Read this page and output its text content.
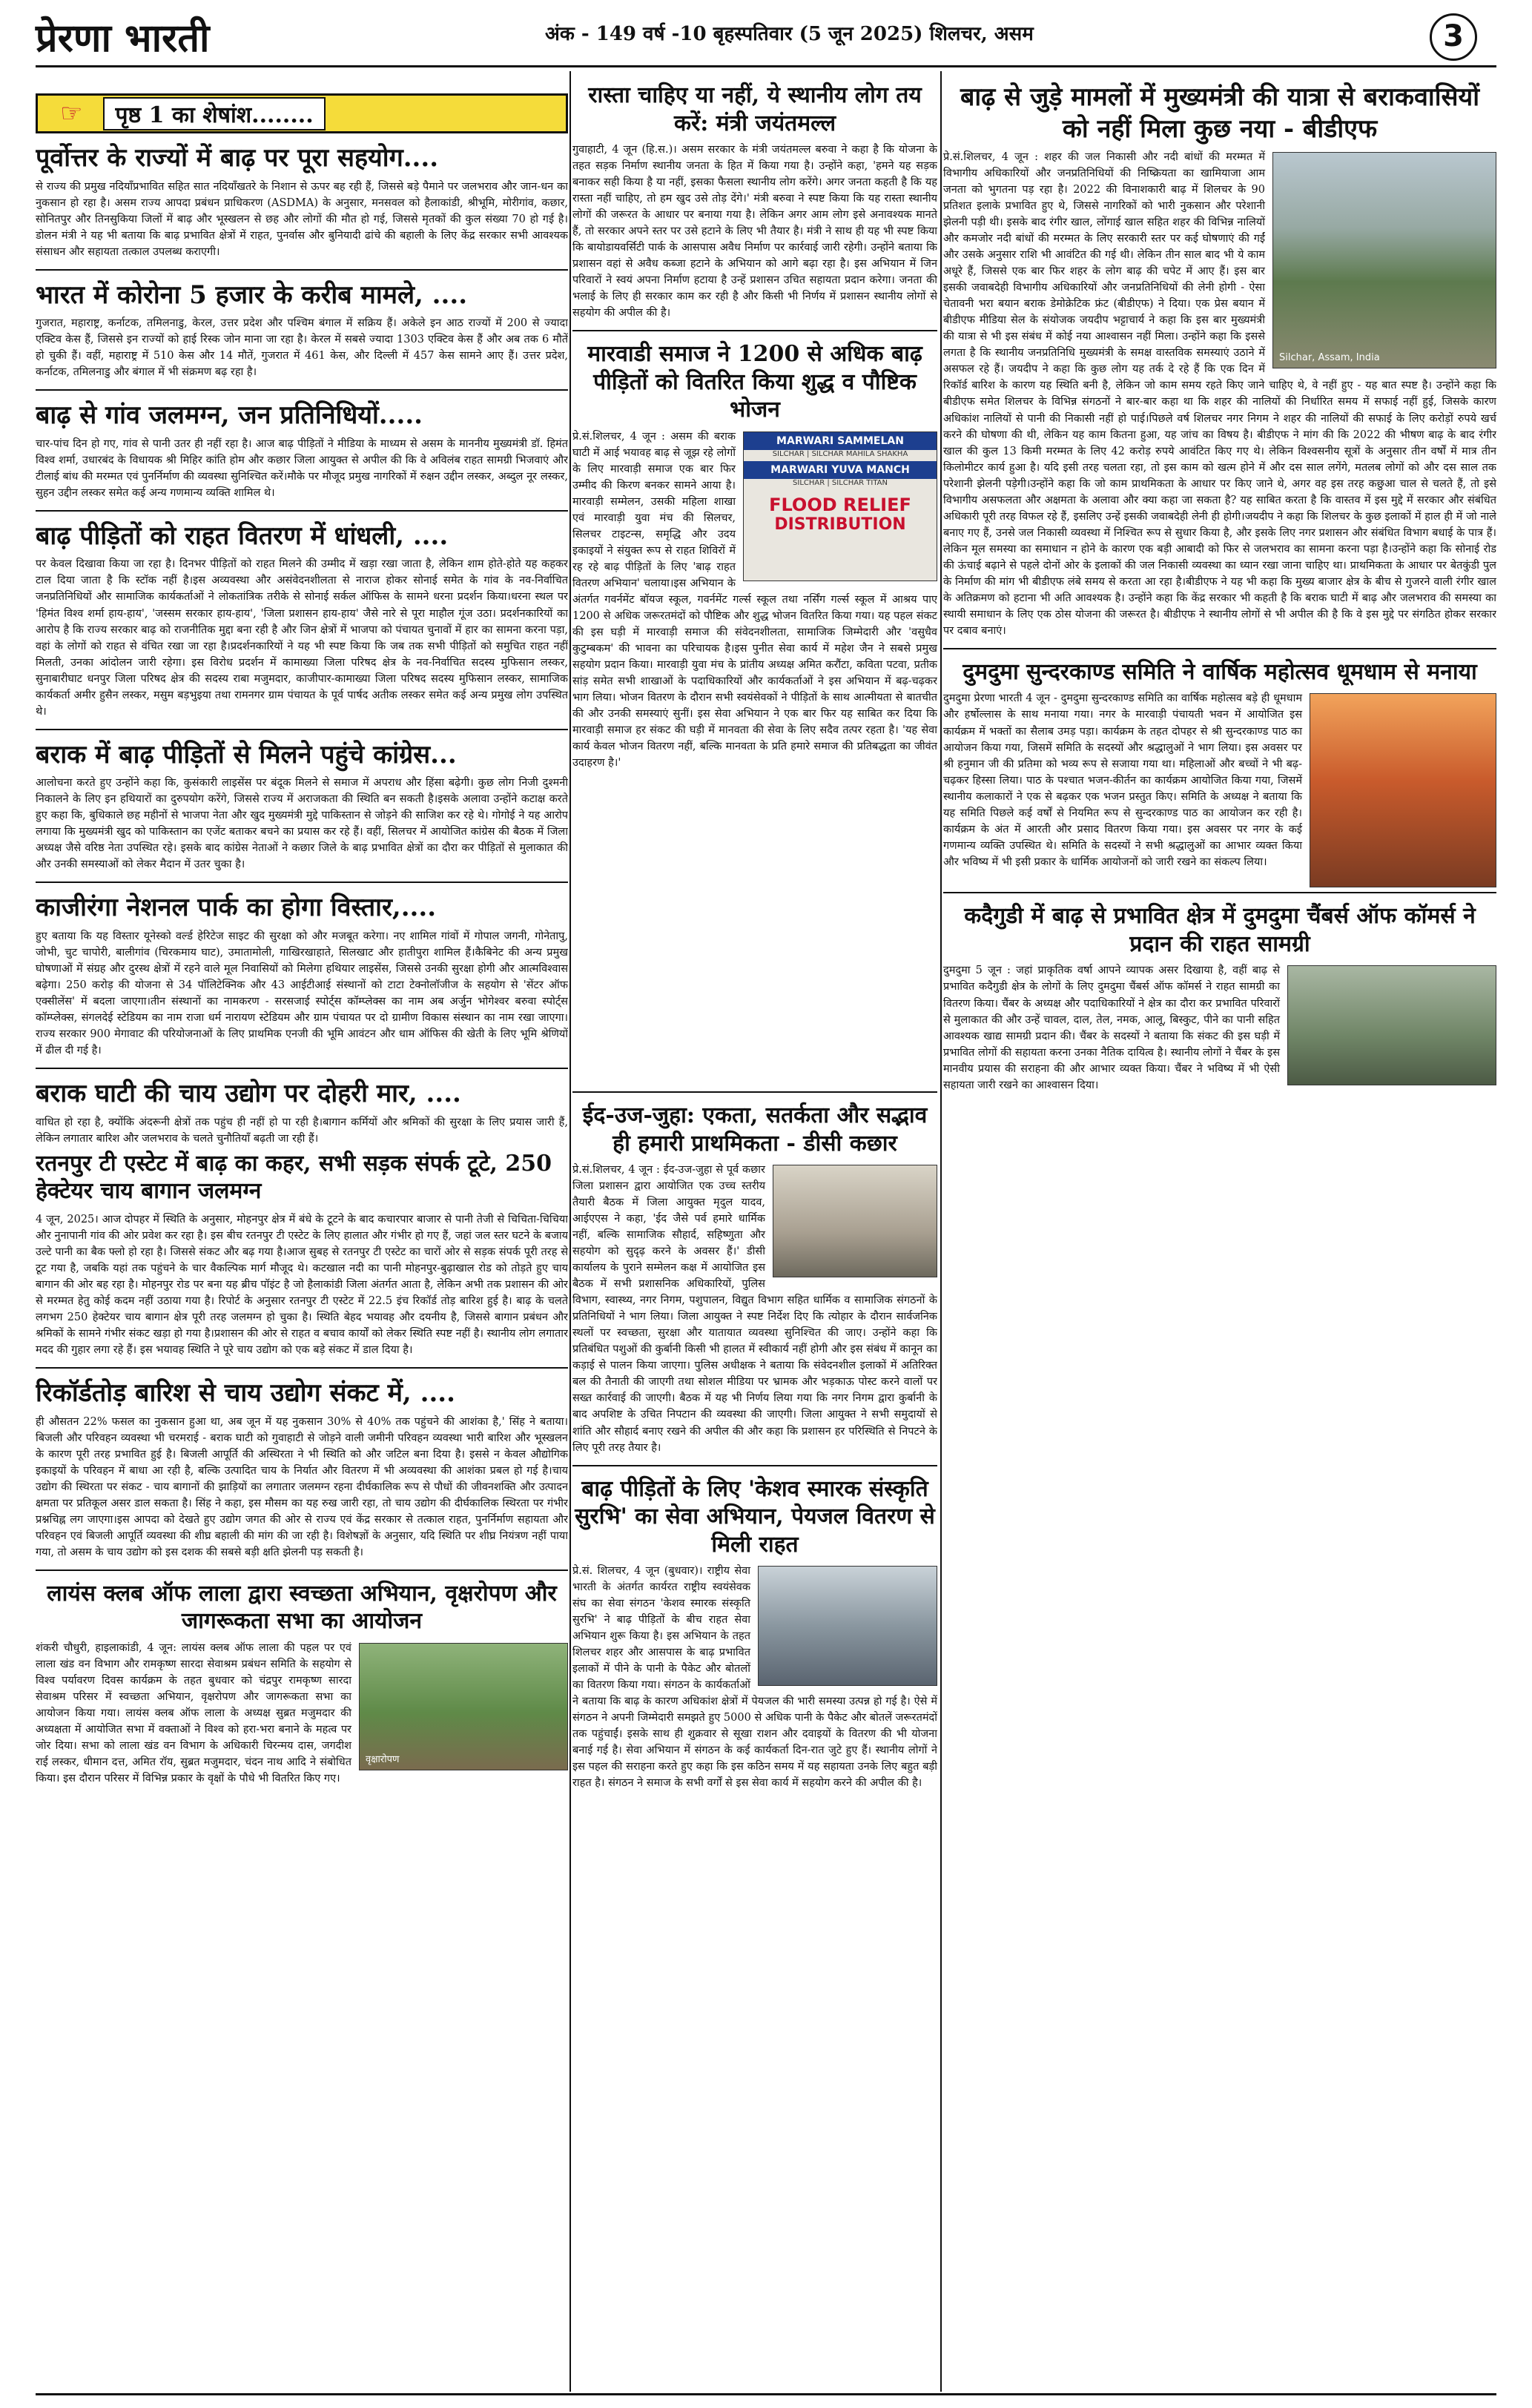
प्रेरणा भारती	अंक - 149 वर्ष -10 बृहस्पतिवार (5 जून 2025) शिलचर, असम	3
☞	पृष्ठ 1 का शेषांश........
पूर्वोत्तर के राज्यों में बाढ़ पर पूरा सहयोग....

से राज्य की प्रमुख नदियाँप्रभावित सहित सात नदियाँखतरे के निशान से ऊपर बह रही हैं, जिससे बड़े पैमाने पर जलभराव और जान-धन का नुकसान हो रहा है। असम राज्य आपदा प्रबंधन प्राधिकरण (ASDMA) के अनुसार, मनसवल को हैलाकांडी, श्रीभूमि, मोरीगांव, कछार, सोनितपुर और तिनसुकिया जिलों में बाढ़ और भूस्खलन से छह और लोगों की मौत हो गई, जिससे मृतकों की कुल संख्या 70 हो गई है। डोलन मंत्री ने यह भी बताया कि बाढ़ प्रभावित क्षेत्रों में राहत, पुनर्वास और बुनियादी ढांचे की बहाली के लिए केंद्र सरकार सभी आवश्यक संसाधन और सहायता तत्काल उपलब्ध कराएगी।

भारत में कोरोना 5 हजार के करीब मामले, ....

गुजरात, महाराष्ट्र, कर्नाटक, तमिलनाडु, केरल, उत्तर प्रदेश और पश्चिम बंगाल में सक्रिय हैं। अकेले इन आठ राज्यों में 200 से ज्यादा एक्टिव केस हैं, जिससे इन राज्यों को हाई रिस्क जोन माना जा रहा है। केरल में सबसे ज्यादा 1303 एक्टिव केस हैं और अब तक 6 मौतें हो चुकी हैं। वहीं, महाराष्ट्र में 510 केस और 14 मौतें, गुजरात में 461 केस, और दिल्ली में 457 केस सामने आए हैं। उत्तर प्रदेश, कर्नाटक, तमिलनाडु और बंगाल में भी संक्रमण बढ़ रहा है।

बाढ़ से गांव जलमग्न, जन प्रतिनिधियों.....

चार-पांच दिन हो गए, गांव से पानी उतर ही नहीं रहा है। आज बाढ़ पीड़ितों ने मीडिया के माध्यम से असम के माननीय मुख्यमंत्री डॉ. हिमंत विश्व शर्मा, उधारबंद के विधायक श्री मिहिर कांति होम और कछार जिला आयुक्त से अपील की कि वे अविलंब राहत सामग्री भिजवाएं और टीलाई बांध की मरम्मत एवं पुनर्निर्माण की व्यवस्था सुनिश्चित करें।मौके पर मौजूद प्रमुख नागरिकों में रुक्षन उद्दीन लस्कर, अब्दुल नूर लस्कर, सुहन उद्दीन लस्कर समेत कई अन्य गणमान्य व्यक्ति शामिल थे।

बाढ़ पीड़ितों को राहत वितरण में धांधली, ....

पर केवल दिखावा किया जा रहा है। दिनभर पीड़ितों को राहत मिलने की उम्मीद में खड़ा रखा जाता है, लेकिन शाम होते-होते यह कहकर टाल दिया जाता है कि स्टॉक नहीं है।इस अव्यवस्था और असंवेदनशीलता से नाराज होकर सोनाई समेत के गांव के नव-निर्वाचित जनप्रतिनिधियों और सामाजिक कार्यकर्ताओं ने लोकतांत्रिक तरीके से सोनाई सर्कल ऑफिस के सामने धरना प्रदर्शन किया।धरना स्थल पर 'हिमंत विश्व शर्मा हाय-हाय', 'जस्सम सरकार हाय-हाय', 'जिला प्रशासन हाय-हाय' जैसे नारे से पूरा माहौल गूंज उठा। प्रदर्शनकारियों का आरोप है कि राज्य सरकार बाढ़ को राजनीतिक मुद्दा बना रही है और जिन क्षेत्रों में भाजपा को पंचायत चुनावों में हार का सामना करना पड़ा, वहां के लोगों को राहत से वंचित रखा जा रहा है।प्रदर्शनकारियों ने यह भी स्पष्ट किया कि जब तक सभी पीड़ितों को समुचित राहत नहीं मिलती, उनका आंदोलन जारी रहेगा। इस विरोध प्रदर्शन में कामाख्या जिला परिषद क्षेत्र के नव-निर्वाचित सदस्य मुफिसान लस्कर, सुनाबारीघाट धनपुर जिला परिषद क्षेत्र की सदस्य राबा मजुमदार, काजीपार-कामाख्या जिला परिषद सदस्य मुफिसान लस्कर, सामाजिक कार्यकर्ता अमीर हुसैन लस्कर, मसुम बड़भुइया तथा रामनगर ग्राम पंचायत के पूर्व पार्षद अतीक लस्कर समेत कई अन्य प्रमुख लोग उपस्थित थे।

बराक में बाढ़ पीड़ितों से मिलने पहुंचे कांग्रेस...

आलोचना करते हुए उन्होंने कहा कि, कुसंकारी लाइसेंस पर बंदूक मिलने से समाज में अपराध और हिंसा बढ़ेगी। कुछ लोग निजी दुश्मनी निकालने के लिए इन हथियारों का दुरुपयोग करेंगे, जिससे राज्य में अराजकता की स्थिति बन सकती है।इसके अलावा उन्होंने कटाक्ष करते हुए कहा कि, बुधिकाले छह महीनों से भाजपा नेता और खुद मुख्यमंत्री मुद्दे पाकिस्तान से जोड़ने की साजिश कर रहे थे। गोगोई ने यह आरोप लगाया कि मुख्यमंत्री खुद को पाकिस्तान का एजेंट बताकर बचने का प्रयास कर रहे हैं। वहीं, सिलचर में आयोजित कांग्रेस की बैठक में जिला अध्यक्ष जैसे वरिष्ठ नेता उपस्थित रहे। इसके बाद कांग्रेस नेताओं ने कछार जिले के बाढ़ प्रभावित क्षेत्रों का दौरा कर पीड़ितों से मुलाकात की और उनकी समस्याओं को लेकर मैदान में उतर चुका है।

काजीरंगा नेशनल पार्क का होगा विस्तार,....

हुए बताया कि यह विस्तार यूनेस्को वर्ल्ड हेरिटेज साइट की सुरक्षा को और मजबूत करेगा। नए शामिल गांवों में गोपाल जगनी, गोनेतापु, जोभी, चुट चापोरी, बालीगांव (चिरकमाय घाट), उमातामोली, गाखिरखाहाते, सिलखाट और हातीपुरा शामिल हैं।कैबिनेट की अन्य प्रमुख घोषणाओं में संग्रह और दुरस्थ क्षेत्रों में रहने वाले मूल निवासियों को मिलेगा हथियार लाइसेंस, जिससे उनकी सुरक्षा होगी और आत्मविश्वास बढ़ेगा। 250 करोड़ की योजना से 34 पॉलिटेक्निक और 43 आईटीआई संस्थानों को टाटा टेक्नोलॉजीज के सहयोग से 'सेंटर ऑफ एक्सीलेंस' में बदला जाएगा।तीन संस्थानों का नामकरण - सरसजाई स्पोर्ट्स कॉम्प्लेक्स का नाम अब अर्जुन भोगेश्वर बरुवा स्पोर्ट्स कॉम्प्लेक्स, संगलदेई स्टेडियम का नाम राजा धर्म नारायण स्टेडियम और ग्राम पंचायत पर दो ग्रामीण विकास संस्थान का नाम रखा जाएगा। राज्य सरकार 900 मेगावाट की परियोजनाओं के लिए प्राथमिक एनजी की भूमि आवंटन और धाम ऑफिस की खेती के लिए भूमि श्रेणियों में ढील दी गई है।

बराक घाटी की चाय उद्योग पर दोहरी मार, ....

वाधित हो रहा है, क्योंकि अंदरूनी क्षेत्रों तक पहुंच ही नहीं हो पा रही है।बागान कर्मियों और श्रमिकों की सुरक्षा के लिए प्रयास जारी हैं, लेकिन लगातार बारिश और जलभराव के चलते चुनौतियाँ बढ़ती जा रही हैं।

रतनपुर टी एस्टेट में बाढ़ का कहर, सभी सड़क संपर्क टूटे, 250 हेक्टेयर चाय बागान जलमग्न

4 जून, 2025। आज दोपहर में स्थिति के अनुसार, मोहनपुर क्षेत्र में बंधे के टूटने के बाद कचारपार बाजार से पानी तेजी से चिचिता-चिचिया और नुनापानी गांव की ओर प्रवेश कर रहा है। इस बीच रतनपुर टी एस्टेट के लिए हालात और गंभीर हो गए हैं, जहां जल स्तर घटने के बजाय उल्टे पानी का बैक फ्लो हो रहा है। जिससे संकट और बढ़ गया है।आज सुबह से रतनपुर टी एस्टेट का चारों ओर से सड़क संपर्क पूरी तरह से टूट गया है, जबकि यहां तक पहुंचने के चार वैकल्पिक मार्ग मौजूद थे। कटखाल नदी का पानी मोहनपुर-बुढ़ाखाल रोड को तोड़ते हुए चाय बागान की ओर बह रहा है। मोहनपुर रोड पर बना यह ब्रीच पॉइंट है जो हैलाकांडी जिला अंतर्गत आता है, लेकिन अभी तक प्रशासन की ओर से मरम्मत हेतु कोई कदम नहीं उठाया गया है। रिपोर्ट के अनुसार रतनपुर टी एस्टेट में 22.5 इंच रिकॉर्ड तोड़ बारिश हुई है। बाढ़ के चलते लगभग 250 हेक्टेयर चाय बागान क्षेत्र पूरी तरह जलमग्न हो चुका है। स्थिति बेहद भयावह और दयनीय है, जिससे बागान प्रबंधन और श्रमिकों के सामने गंभीर संकट खड़ा हो गया है।प्रशासन की ओर से राहत व बचाव कार्यों को लेकर स्थिति स्पष्ट नहीं है। स्थानीय लोग लगातार मदद की गुहार लगा रहे हैं। इस भयावह स्थिति ने पूरे चाय उद्योग को एक बड़े संकट में डाल दिया है।

रिकॉर्डतोड़ बारिश से चाय उद्योग संकट में, ....

ही औसतन 22% फसल का नुकसान हुआ था, अब जून में यह नुकसान 30% से 40% तक पहुंचने की आशंका है,' सिंह ने बताया।बिजली और परिवहन व्यवस्था भी चरमराई - बराक घाटी को गुवाहाटी से जोड़ने वाली जमीनी परिवहन व्यवस्था भारी बारिश और भूस्खलन के कारण पूरी तरह प्रभावित हुई है। बिजली आपूर्ति की अस्थिरता ने भी स्थिति को और जटिल बना दिया है। इससे न केवल औद्योगिक इकाइयों के परिवहन में बाधा आ रही है, बल्कि उत्पादित चाय के निर्यात और वितरण में भी अव्यवस्था की आशंका प्रबल हो गई है।चाय उद्योग की स्थिरता पर संकट - चाय बागानों की झाड़ियों का लगातार जलमग्न रहना दीर्घकालिक रूप से पौधों की जीवनशक्ति और उत्पादन क्षमता पर प्रतिकूल असर डाल सकता है। सिंह ने कहा, इस मौसम का यह रुख जारी रहा, तो चाय उद्योग की दीर्घकालिक स्थिरता पर गंभीर प्रश्नचिह्न लग जाएगा।इस आपदा को देखते हुए उद्योग जगत की ओर से राज्य एवं केंद्र सरकार से तत्काल राहत, पुनर्निर्माण सहायता और परिवहन एवं बिजली आपूर्ति व्यवस्था की शीघ्र बहाली की मांग की जा रही है। विशेषज्ञों के अनुसार, यदि स्थिति पर शीघ्र नियंत्रण नहीं पाया गया, तो असम के चाय उद्योग को इस दशक की सबसे बड़ी क्षति झेलनी पड़ सकती है।

लायंस क्लब ऑफ लाला द्वारा स्वच्छता अभियान, वृक्षरोपण और जागरूकता सभा का आयोजन
वृक्षारोपण

शंकरी चौधुरी, हाइलाकांडी, 4 जून: लायंस क्लब ऑफ लाला की पहल पर एवं लाला खंड वन विभाग और रामकृष्ण सारदा सेवाश्रम प्रबंधन समिति के सहयोग से विश्व पर्यावरण दिवस कार्यक्रम के तहत बुधवार को चंद्रपुर रामकृष्ण सारदा सेवाश्रम परिसर में स्वच्छता अभियान, वृक्षरोपण और जागरूकता सभा का आयोजन किया गया। लायंस क्लब ऑफ लाला के अध्यक्ष सुब्रत मजुमदार की अध्यक्षता में आयोजित सभा में वक्ताओं ने विश्व को हरा-भरा बनाने के महत्व पर जोर दिया। सभा को लाला खंड वन विभाग के अधिकारी चिरन्मय दास, जगदीश राई लस्कर, धीमान दत्त, अमित रॉय, सुब्रत मजुमदार, चंदन नाथ आदि ने संबोधित किया। इस दौरान परिसर में विभिन्न प्रकार के वृक्षों के पौधे भी वितरित किए गए।

रास्ता चाहिए या नहीं, ये स्थानीय लोग तय करें: मंत्री जयंतमल्ल

गुवाहाटी, 4 जून (हि.स.)। असम सरकार के मंत्री जयंतमल्ल बरुवा ने कहा है कि योजना के तहत सड़क निर्माण स्थानीय जनता के हित में किया गया है। उन्होंने कहा, 'हमने यह सड़क बनाकर सही किया है या नहीं, इसका फैसला स्थानीय लोग करेंगे। अगर जनता कहती है कि यह रास्ता नहीं चाहिए, तो हम खुद उसे तोड़ देंगे।' मंत्री बरुवा ने स्पष्ट किया कि यह रास्ता स्थानीय लोगों की जरूरत के आधार पर बनाया गया है। लेकिन अगर आम लोग इसे अनावश्यक मानते हैं, तो सरकार अपने स्तर पर उसे हटाने के लिए भी तैयार है। मंत्री ने साथ ही यह भी स्पष्ट किया कि बायोडायवर्सिटी पार्क के आसपास अवैध निर्माण पर कार्रवाई जारी रहेगी। उन्होंने बताया कि प्रशासन वहां से अवैध कब्जा हटाने के अभियान को आगे बढ़ा रहा है। इस अभियान में जिन परिवारों ने स्वयं अपना निर्माण हटाया है उन्हें प्रशासन उचित सहायता प्रदान करेगा। जनता की भलाई के लिए ही सरकार काम कर रही है और किसी भी निर्णय में प्रशासन स्थानीय लोगों से सहयोग की अपील की है।

मारवाडी समाज ने 1200 से अधिक बाढ़ पीड़ितों को वितरित किया शुद्ध व पौष्टिक भोजन
MARWARI SAMMELAN
SILCHAR | SILCHAR MAHILA SHAKHA
MARWARI YUVA MANCH
SILCHAR | SILCHAR TITAN
FLOOD RELIEF
DISTRIBUTION

प्रे.सं.शिलचर, 4 जून : असम की बराक घाटी में आई भयावह बाढ़ से जूझ रहे लोगों के लिए मारवाड़ी समाज एक बार फिर उम्मीद की किरण बनकर सामने आया है। मारवाड़ी सम्मेलन, उसकी महिला शाखा एवं मारवाड़ी युवा मंच की सिलचर, सिलचर टाइटन्स, समृद्धि और उदय इकाइयों ने संयुक्त रूप से राहत शिविरों में रह रहे बाढ़ पीड़ितों के लिए 'बाढ़ राहत वितरण अभियान' चलाया।इस अभियान के अंतर्गत गवर्नमेंट बॉयज स्कूल, गवर्नमेंट गर्ल्स स्कूल तथा नर्सिंग गर्ल्स स्कूल में आश्रय पाए 1200 से अधिक जरूरतमंदों को पौष्टिक और शुद्ध भोजन वितरित किया गया। यह पहल संकट की इस घड़ी में मारवाड़ी समाज की संवेदनशीलता, सामाजिक जिम्मेदारी और 'वसुधैव कुटुम्बकम' की भावना का परिचायक है।इस पुनीत सेवा कार्य में महेश जैन ने सबसे प्रमुख सहयोग प्रदान किया। मारवाड़ी युवा मंच के प्रांतीय अध्यक्ष अमित करौंटा, कविता पटवा, प्रतीक सांड़ समेत सभी शाखाओं के पदाधिकारियों और कार्यकर्ताओं ने इस अभियान में बढ़-चढ़कर भाग लिया। भोजन वितरण के दौरान सभी स्वयंसेवकों ने पीड़ितों के साथ आत्मीयता से बातचीत की और उनकी समस्याएं सुनीं। इस सेवा अभियान ने एक बार फिर यह साबित कर दिया कि मारवाड़ी समाज हर संकट की घड़ी में मानवता की सेवा के लिए सदैव तत्पर रहता है। 'यह सेवा कार्य केवल भोजन वितरण नहीं, बल्कि मानवता के प्रति हमारे समाज की प्रतिबद्धता का जीवंत उदाहरण है।'

बाढ़ से जुड़े मामलों में मुख्यमंत्री की यात्रा से बराकवासियों को नहीं मिला कुछ नया - बीडीएफ
Silchar, Assam, India

प्रे.सं.शिलचर, 4 जून : शहर की जल निकासी और नदी बांधों की मरम्मत में विभागीय अधिकारियों और जनप्रतिनिधियों की निष्क्रियता का खामियाजा आम जनता को भुगतना पड़ रहा है। 2022 की विनाशकारी बाढ़ में शिलचर के 90 प्रतिशत इलाके प्रभावित हुए थे, जिससे नागरिकों को भारी नुकसान और परेशानी झेलनी पड़ी थी। इसके बाद रंगीर खाल, लोंगाई खाल सहित शहर की विभिन्न नालियों और कमजोर नदी बांधों की मरम्मत के लिए सरकारी स्तर पर कई घोषणाएं की गईं और उसके अनुसार राशि भी आवंटित की गई थी। लेकिन तीन साल बाद भी ये काम अधूरे हैं, जिससे एक बार फिर शहर के लोग बाढ़ की चपेट में आए हैं। इस बार इसकी जवाबदेही विभागीय अधिकारियों और जनप्रतिनिधियों की लेनी होगी - ऐसा चेतावनी भरा बयान बराक डेमोक्रेटिक फ्रंट (बीडीएफ) ने दिया। एक प्रेस बयान में बीडीएफ मीडिया सेल के संयोजक जयदीप भट्टाचार्य ने कहा कि इस बार मुख्यमंत्री की यात्रा से भी इस संबंध में कोई नया आश्वासन नहीं मिला। उन्होंने कहा कि इससे लगता है कि स्थानीय जनप्रतिनिधि मुख्यमंत्री के समक्ष वास्तविक समस्याएं उठाने में असफल रहे हैं। जयदीप ने कहा कि कुछ लोग यह तर्क दे रहे हैं कि एक दिन में रिकॉर्ड बारिश के कारण यह स्थिति बनी है, लेकिन जो काम समय रहते किए जाने चाहिए थे, वे नहीं हुए - यह बात स्पष्ट है। उन्होंने कहा कि बीडीएफ समेत शिलचर के विभिन्न संगठनों ने बार-बार कहा था कि शहर की नालियों की निर्धारित समय में सफाई नहीं हुई, जिसके कारण अधिकांश नालियों से पानी की निकासी नहीं हो पाई।पिछले वर्ष शिलचर नगर निगम ने शहर की नालियों की सफाई के लिए करोड़ों रुपये खर्च करने की घोषणा की थी, लेकिन यह काम कितना हुआ, यह जांच का विषय है। बीडीएफ ने मांग की कि 2022 की भीषण बाढ़ के बाद रंगीर खाल की कुल 13 किमी मरम्मत के लिए 42 करोड़ रुपये आवंटित किए गए थे। लेकिन विश्वसनीय सूत्रों के अनुसार तीन वर्षों में मात्र तीन किलोमीटर कार्य हुआ है। यदि इसी तरह चलता रहा, तो इस काम को खत्म होने में और दस साल लगेंगे, मतलब लोगों को और दस साल तक परेशानी झेलनी पड़ेगी।उन्होंने कहा कि जो काम प्राथमिकता के आधार पर किए जाने थे, अगर वह इस तरह कछुआ चाल से चलते हैं, तो इसे विभागीय असफलता और अक्षमता के अलावा और क्या कहा जा सकता है? यह साबित करता है कि वास्तव में इस मुद्दे में सरकार और संबंधित अधिकारी पूरी तरह विफल रहे हैं, इसलिए उन्हें इसकी जवाबदेही लेनी ही होगी।जयदीप ने कहा कि शिलचर के कुछ इलाकों में हाल ही में जो नाले बनाए गए हैं, उनसे जल निकासी व्यवस्था में निश्चित रूप से सुधार किया है, और इसके लिए नगर प्रशासन और संबंधित विभाग बधाई के पात्र हैं। लेकिन मूल समस्या का समाधान न होने के कारण एक बड़ी आबादी को फिर से जलभराव का सामना करना पड़ा है।उन्होंने कहा कि सोनाई रोड की ऊंचाई बढ़ाने से पहले दोनों ओर के इलाकों की जल निकासी व्यवस्था का ध्यान रखा जाना चाहिए था। प्राथमिकता के आधार पर बेतकुंडी पुल के निर्माण की मांग भी बीडीएफ लंबे समय से करता आ रहा है।बीडीएफ ने यह भी कहा कि मुख्य बाजार क्षेत्र के बीच से गुजरने वाली रंगीर खाल के अतिक्रमण को हटाना भी अति आवश्यक है। उन्होंने कहा कि केंद्र सरकार भी कहती है कि बराक घाटी में बाढ़ और जलभराव की समस्या का स्थायी समाधान के लिए एक ठोस योजना की जरूरत है। बीडीएफ ने स्थानीय लोगों से भी अपील की है कि वे इस मुद्दे पर संगठित होकर सरकार पर दबाव बनाएं।

दुमदुमा सुन्दरकाण्ड समिति ने वार्षिक महोत्सव धूमधाम से मनाया

दुमदुमा प्रेरणा भारती 4 जून - दुमदुमा सुन्दरकाण्ड समिति का वार्षिक महोत्सव बड़े ही धूमधाम और हर्षोल्लास के साथ मनाया गया। नगर के मारवाड़ी पंचायती भवन में आयोजित इस कार्यक्रम में भक्तों का सैलाब उमड़ पड़ा। कार्यक्रम के तहत दोपहर से श्री सुन्दरकाण्ड पाठ का आयोजन किया गया, जिसमें समिति के सदस्यों और श्रद्धालुओं ने भाग लिया। इस अवसर पर श्री हनुमान जी की प्रतिमा को भव्य रूप से सजाया गया था। महिलाओं और बच्चों ने भी बढ़-चढ़कर हिस्सा लिया। पाठ के पश्चात भजन-कीर्तन का कार्यक्रम आयोजित किया गया, जिसमें स्थानीय कलाकारों ने एक से बढ़कर एक भजन प्रस्तुत किए। समिति के अध्यक्ष ने बताया कि यह समिति पिछले कई वर्षों से नियमित रूप से सुन्दरकाण्ड पाठ का आयोजन कर रही है। कार्यक्रम के अंत में आरती और प्रसाद वितरण किया गया। इस अवसर पर नगर के कई गणमान्य व्यक्ति उपस्थित थे। समिति के सदस्यों ने सभी श्रद्धालुओं का आभार व्यक्त किया और भविष्य में भी इसी प्रकार के धार्मिक आयोजनों को जारी रखने का संकल्प लिया।

कदैगुडी में बाढ़ से प्रभावित क्षेत्र में दुमदुमा चैंबर्स ऑफ कॉमर्स ने प्रदान की राहत सामग्री

दुमदुमा 5 जून : जहां प्राकृतिक वर्षा आपने व्यापक असर दिखाया है, वहीं बाढ़ से प्रभावित कदैगुडी क्षेत्र के लोगों के लिए दुमदुमा चैंबर्स ऑफ कॉमर्स ने राहत सामग्री का वितरण किया। चैंबर के अध्यक्ष और पदाधिकारियों ने क्षेत्र का दौरा कर प्रभावित परिवारों से मुलाकात की और उन्हें चावल, दाल, तेल, नमक, आलू, बिस्कुट, पीने का पानी सहित आवश्यक खाद्य सामग्री प्रदान की। चैंबर के सदस्यों ने बताया कि संकट की इस घड़ी में प्रभावित लोगों की सहायता करना उनका नैतिक दायित्व है। स्थानीय लोगों ने चैंबर के इस मानवीय प्रयास की सराहना की और आभार व्यक्त किया। चैंबर ने भविष्य में भी ऐसी सहायता जारी रखने का आश्वासन दिया।

ईद-उज-जुहा: एकता, सतर्कता और सद्भाव ही हमारी प्राथमिकता - डीसी कछार

प्रे.सं.शिलचर, 4 जून : ईद-उज-जुहा से पूर्व कछार जिला प्रशासन द्वारा आयोजित एक उच्च स्तरीय तैयारी बैठक में जिला आयुक्त मृदुल यादव, आईएएस ने कहा, 'ईद जैसे पर्व हमारे धार्मिक नहीं, बल्कि सामाजिक सौहार्द, सहिष्णुता और सहयोग को सुदृढ़ करने के अवसर हैं।' डीसी कार्यालय के पुराने सम्मेलन कक्ष में आयोजित इस बैठक में सभी प्रशासनिक अधिकारियों, पुलिस विभाग, स्वास्थ्य, नगर निगम, पशुपालन, विद्युत विभाग सहित धार्मिक व सामाजिक संगठनों के प्रतिनिधियों ने भाग लिया। जिला आयुक्त ने स्पष्ट निर्देश दिए कि त्योहार के दौरान सार्वजनिक स्थलों पर स्वच्छता, सुरक्षा और यातायात व्यवस्था सुनिश्चित की जाए। उन्होंने कहा कि प्रतिबंधित पशुओं की कुर्बानी किसी भी हालत में स्वीकार्य नहीं होगी और इस संबंध में कानून का कड़ाई से पालन किया जाएगा। पुलिस अधीक्षक ने बताया कि संवेदनशील इलाकों में अतिरिक्त बल की तैनाती की जाएगी तथा सोशल मीडिया पर भ्रामक और भड़काऊ पोस्ट करने वालों पर सख्त कार्रवाई की जाएगी। बैठक में यह भी निर्णय लिया गया कि नगर निगम द्वारा कुर्बानी के बाद अपशिष्ट के उचित निपटान की व्यवस्था की जाएगी। जिला आयुक्त ने सभी समुदायों से शांति और सौहार्द बनाए रखने की अपील की और कहा कि प्रशासन हर परिस्थिति से निपटने के लिए पूरी तरह तैयार है।

बाढ़ पीड़ितों के लिए 'केशव स्मारक संस्कृति सुरभि' का सेवा अभियान, पेयजल वितरण से मिली राहत

प्रे.सं. शिलचर, 4 जून (बुधवार)। राष्ट्रीय सेवा भारती के अंतर्गत कार्यरत राष्ट्रीय स्वयंसेवक संघ का सेवा संगठन 'केशव स्मारक संस्कृति सुरभि' ने बाढ़ पीड़ितों के बीच राहत सेवा अभियान शुरू किया है। इस अभियान के तहत शिलचर शहर और आसपास के बाढ़ प्रभावित इलाकों में पीने के पानी के पैकेट और बोतलों का वितरण किया गया। संगठन के कार्यकर्ताओं ने बताया कि बाढ़ के कारण अधिकांश क्षेत्रों में पेयजल की भारी समस्या उत्पन्न हो गई है। ऐसे में संगठन ने अपनी जिम्मेदारी समझते हुए 5000 से अधिक पानी के पैकेट और बोतलें जरूरतमंदों तक पहुंचाईं। इसके साथ ही शुक्रवार से सूखा राशन और दवाइयों के वितरण की भी योजना बनाई गई है। सेवा अभियान में संगठन के कई कार्यकर्ता दिन-रात जुटे हुए हैं। स्थानीय लोगों ने इस पहल की सराहना करते हुए कहा कि इस कठिन समय में यह सहायता उनके लिए बहुत बड़ी राहत है। संगठन ने समाज के सभी वर्गों से इस सेवा कार्य में सहयोग करने की अपील की है।
